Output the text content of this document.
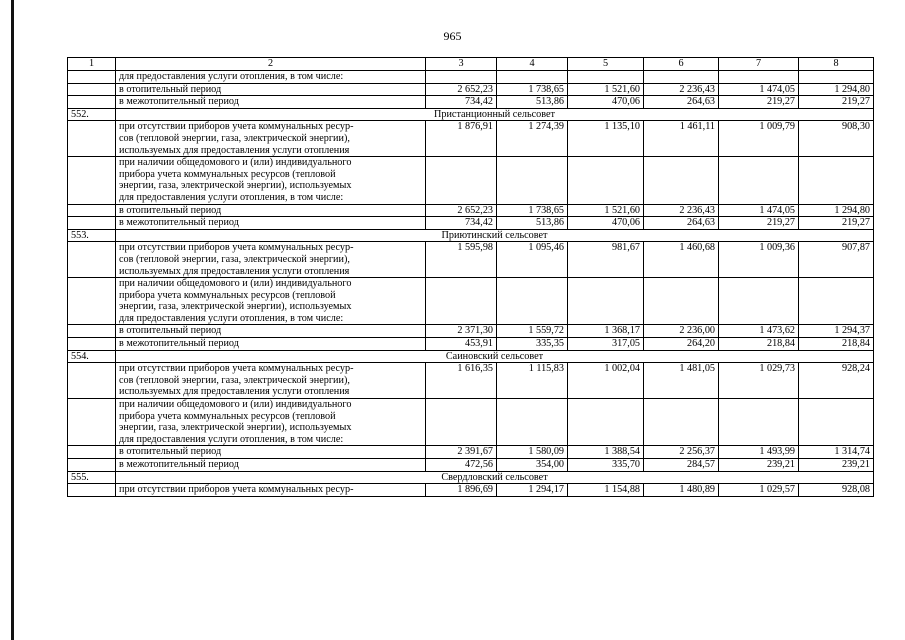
965
1	2	3	4	5	6	7	8
	для предоставления услуги отопления, в том числе:						
	в отопительный период	2 652,23	1 738,65	1 521,60	2 236,43	1 474,05	1 294,80
	в межотопительный период	734,42	513,86	470,06	264,63	219,27	219,27
552.	Пристанционный сельсовет						
	при отсутствии приборов учета коммунальных ресур-
сов (тепловой энергии, газа, электрической энергии),
используемых для предоставления услуги отопления	1 876,91	1 274,39	1 135,10	1 461,11	1 009,79	908,30
	при наличии общедомового и (или) индивидуального
прибора учета коммунальных ресурсов (тепловой
энергии, газа, электрической энергии), используемых
для предоставления услуги отопления, в том числе:						
	в отопительный период	2 652,23	1 738,65	1 521,60	2 236,43	1 474,05	1 294,80
	в межотопительный период	734,42	513,86	470,06	264,63	219,27	219,27
553.	Приютинский сельсовет						
	при отсутствии приборов учета коммунальных ресур-
сов (тепловой энергии, газа, электрической энергии),
используемых для предоставления услуги отопления	1 595,98	1 095,46	981,67	1 460,68	1 009,36	907,87
	при наличии общедомового и (или) индивидуального
прибора учета коммунальных ресурсов (тепловой
энергии, газа, электрической энергии), используемых
для предоставления услуги отопления, в том числе:						
	в отопительный период	2 371,30	1 559,72	1 368,17	2 236,00	1 473,62	1 294,37
	в межотопительный период	453,91	335,35	317,05	264,20	218,84	218,84
554.	Саиновский сельсовет						
	при отсутствии приборов учета коммунальных ресур-
сов (тепловой энергии, газа, электрической энергии),
используемых для предоставления услуги отопления	1 616,35	1 115,83	1 002,04	1 481,05	1 029,73	928,24
	при наличии общедомового и (или) индивидуального
прибора учета коммунальных ресурсов (тепловой
энергии, газа, электрической энергии), используемых
для предоставления услуги отопления, в том числе:						
	в отопительный период	2 391,67	1 580,09	1 388,54	2 256,37	1 493,99	1 314,74
	в межотопительный период	472,56	354,00	335,70	284,57	239,21	239,21
555.	Свердловский сельсовет						
	при отсутствии приборов учета коммунальных ресур-	1 896,69	1 294,17	1 154,88	1 480,89	1 029,57	928,08
